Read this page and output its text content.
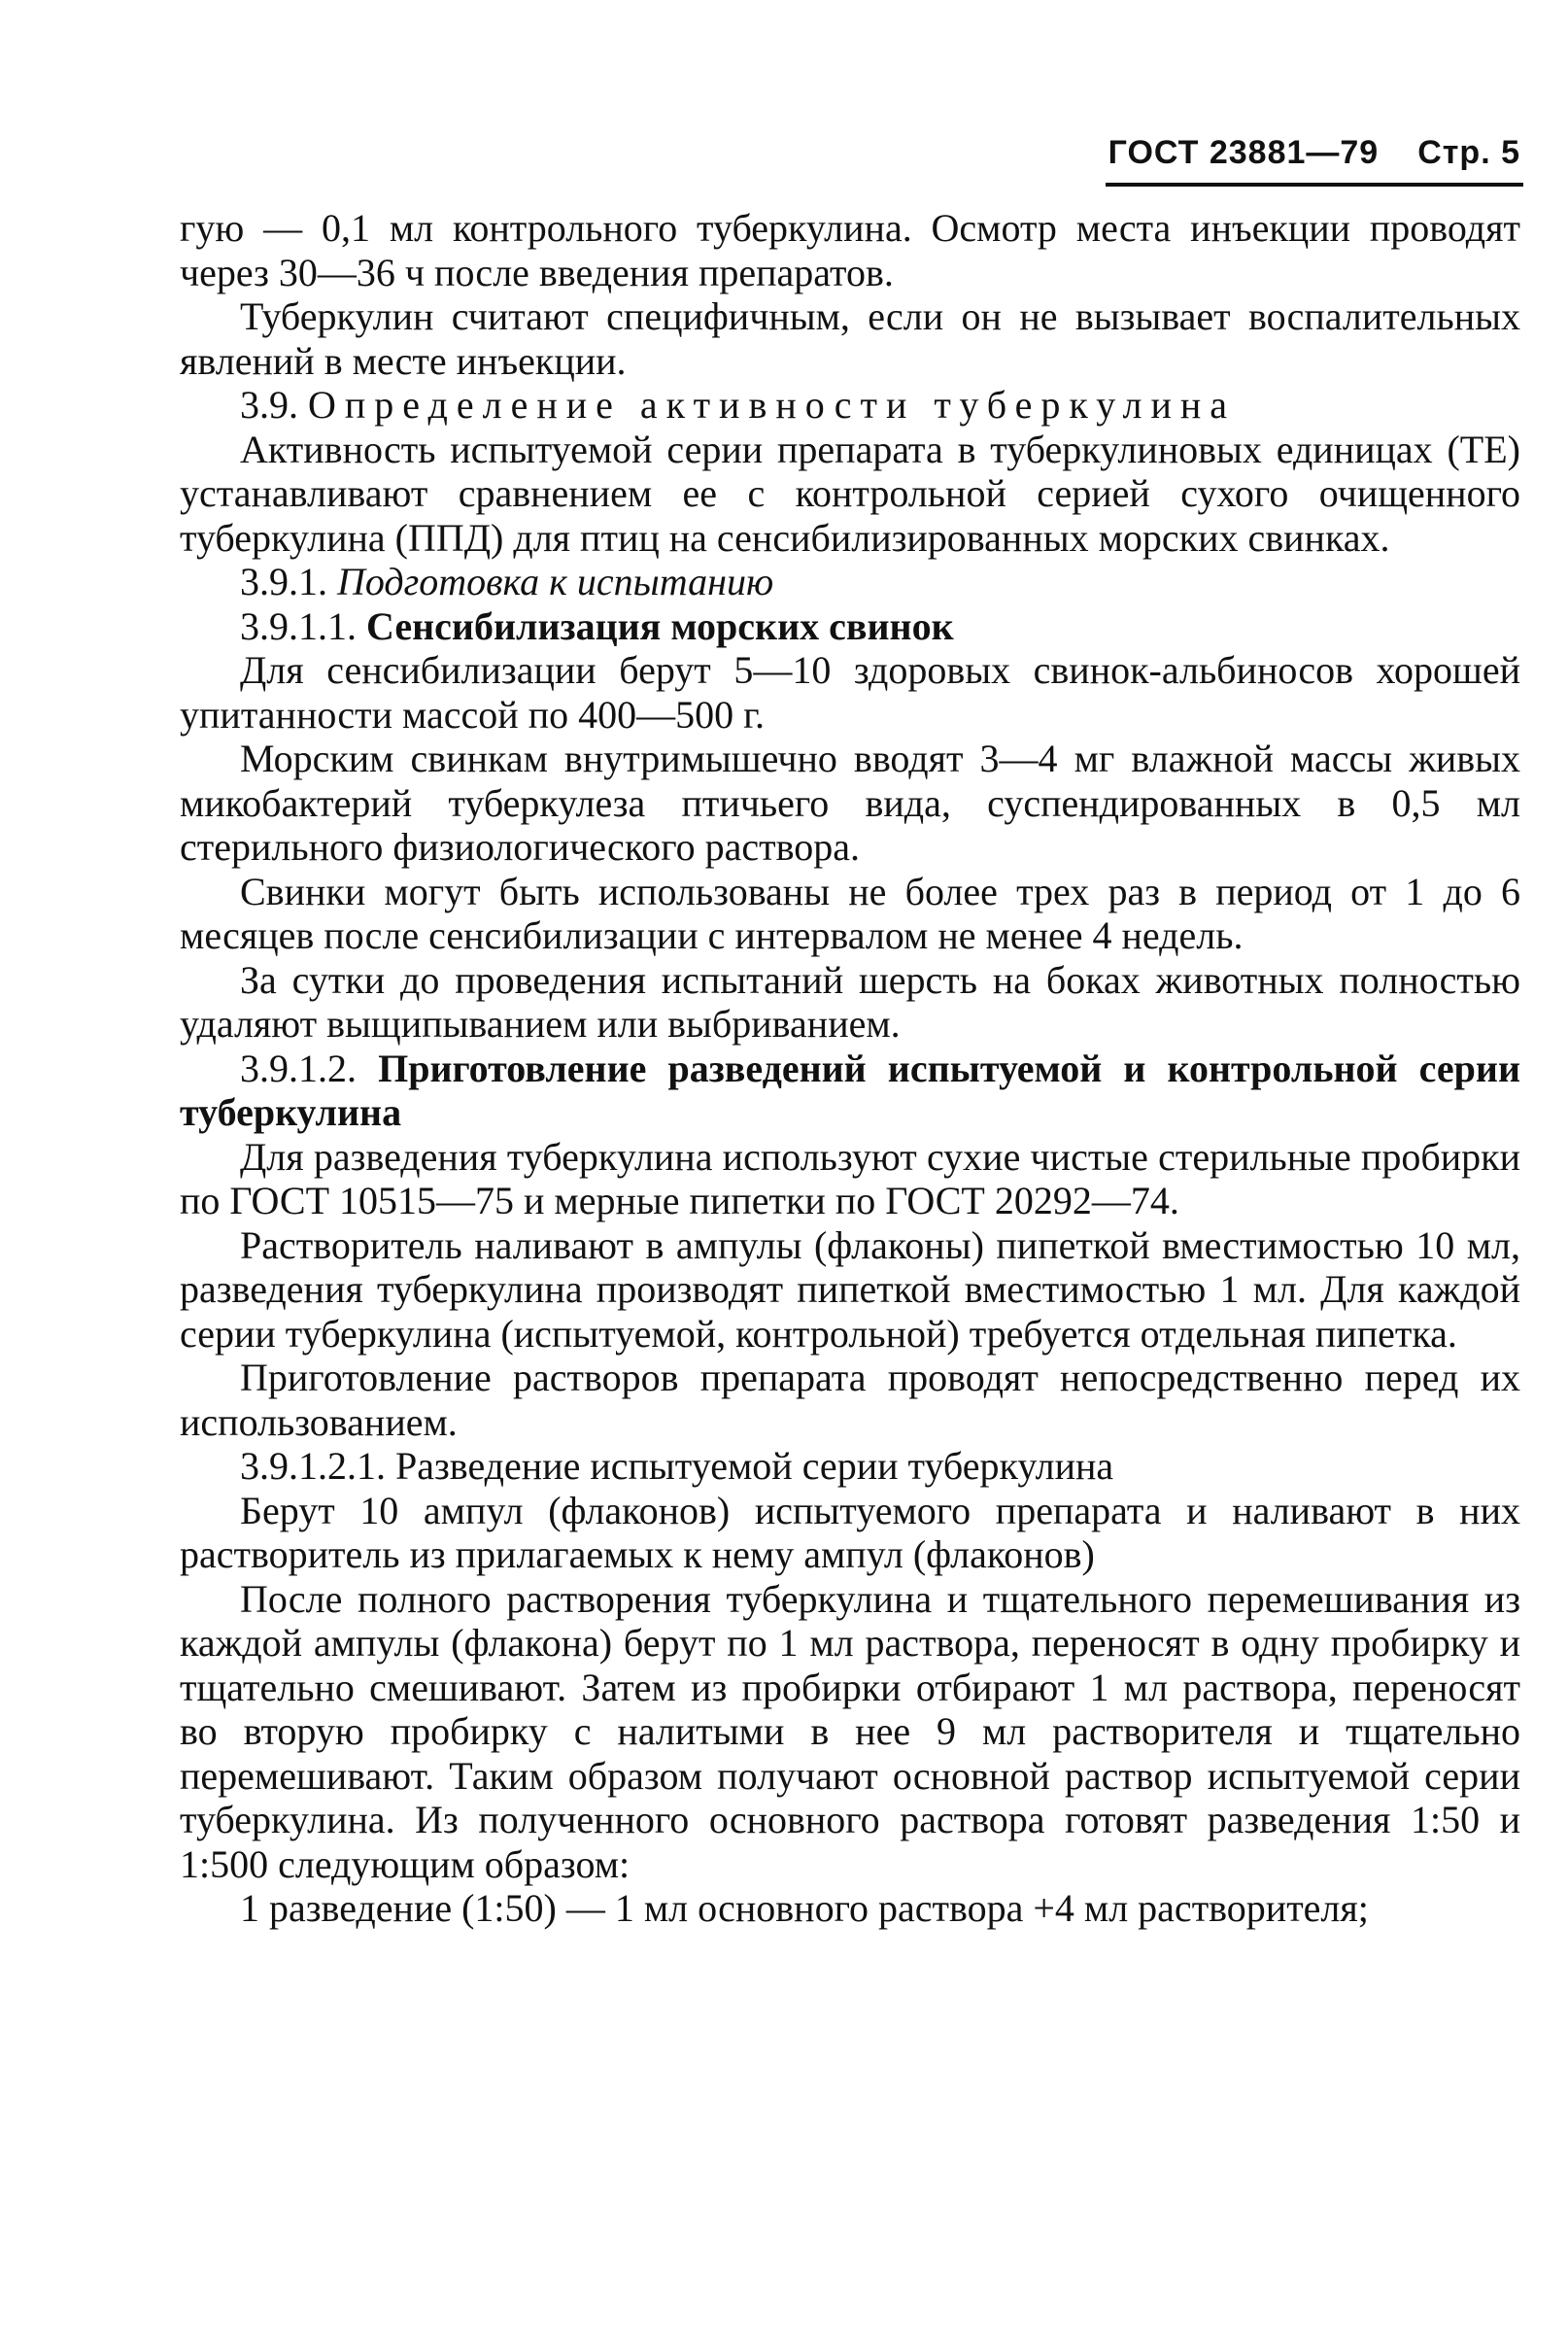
ГОСТ 23881—79 Стр. 5

гую — 0,1 мл контрольного туберкулина. Осмотр места инъекции проводят через 30—36 ч после введения препаратов.

Туберкулин считают специфичным, если он не вызывает воспалительных явлений в месте инъекции.

3.9. Определение активности туберкулина

Активность испытуемой серии препарата в туберкулиновых единицах (ТЕ) устанавливают сравнением ее с контрольной серией сухого очищенного туберкулина (ППД) для птиц на сенсибилизированных морских свинках.

3.9.1. Подготовка к испытанию

3.9.1.1. Сенсибилизация морских свинок

Для сенсибилизации берут 5—10 здоровых свинок-альбиносов хорошей упитанности массой по 400—500 г.

Морским свинкам внутримышечно вводят 3—4 мг влажной массы живых микобактерий туберкулеза птичьего вида, суспендированных в 0,5 мл стерильного физиологического раствора.

Свинки могут быть использованы не более трех раз в период от 1 до 6 месяцев после сенсибилизации с интервалом не менее 4 недель.

За сутки до проведения испытаний шерсть на боках животных полностью удаляют выщипыванием или выбриванием.

3.9.1.2. Приготовление разведений испытуемой и контрольной серии туберкулина

Для разведения туберкулина используют сухие чистые стерильные пробирки по ГОСТ 10515—75 и мерные пипетки по ГОСТ 20292—74.

Растворитель наливают в ампулы (флаконы) пипеткой вместимостью 10 мл, разведения туберкулина производят пипеткой вместимостью 1 мл. Для каждой серии туберкулина (испытуемой, контрольной) требуется отдельная пипетка.

Приготовление растворов препарата проводят непосредственно перед их использованием.

3.9.1.2.1. Разведение испытуемой серии туберкулина

Берут 10 ампул (флаконов) испытуемого препарата и наливают в них растворитель из прилагаемых к нему ампул (флаконов)

После полного растворения туберкулина и тщательного перемешивания из каждой ампулы (флакона) берут по 1 мл раствора, переносят в одну пробирку и тщательно смешивают. Затем из пробирки отбирают 1 мл раствора, переносят во вторую пробирку с налитыми в нее 9 мл растворителя и тщательно перемешивают. Таким образом получают основной раствор испытуемой серии туберкулина. Из полученного основного раствора готовят разведения 1:50 и 1:500 следующим образом:

1 разведение (1:50) — 1 мл основного раствора +4 мл растворителя;
